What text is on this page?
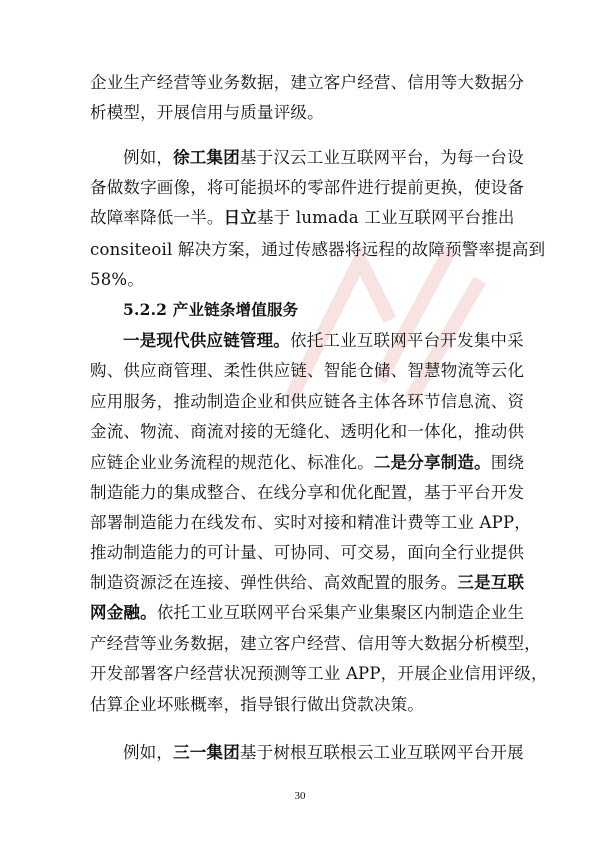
企业生产经营等业务数据，建立客户经营、信用等大数据分
析模型，开展信用与质量评级。
例如，徐工集团基于汉云工业互联网平台，为每一台设
备做数字画像，将可能损坏的零部件进行提前更换，使设备
故障率降低一半。日立基于 lumada 工业互联网平台推出
consiteoil 解决方案，通过传感器将远程的故障预警率提高到
58%。
5.2.2 产业链条增值服务
一是现代供应链管理。依托工业互联网平台开发集中采
购、供应商管理、柔性供应链、智能仓储、智慧物流等云化
应用服务，推动制造企业和供应链各主体各环节信息流、资
金流、物流、商流对接的无缝化、透明化和一体化，推动供
应链企业业务流程的规范化、标准化。二是分享制造。围绕
制造能力的集成整合、在线分享和优化配置，基于平台开发
部署制造能力在线发布、实时对接和精准计费等工业 APP，
推动制造能力的可计量、可协同、可交易，面向全行业提供
制造资源泛在连接、弹性供给、高效配置的服务。三是互联
网金融。依托工业互联网平台采集产业集聚区内制造企业生
产经营等业务数据，建立客户经营、信用等大数据分析模型，
开发部署客户经营状况预测等工业 APP，开展企业信用评级，
估算企业坏账概率，指导银行做出贷款决策。
例如，三一集团基于树根互联根云工业互联网平台开展
30
